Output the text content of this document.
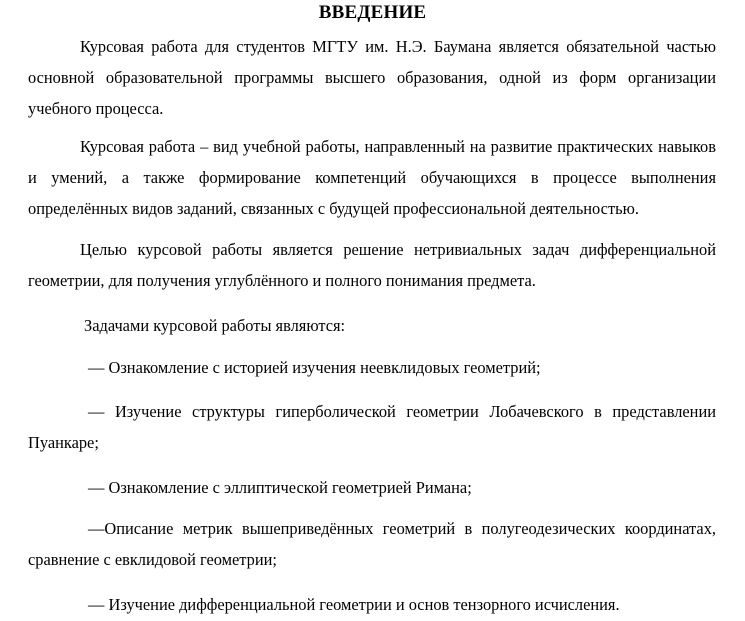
ВВЕДЕНИЕ

Курсовая работа для студентов МГТУ им. Н.Э. Баумана является обязательной частью основной образовательной программы высшего образования, одной из форм организации учебного процесса.

Курсовая работа – вид учебной работы, направленный на развитие практических навыков и умений, а также формирование компетенций обучающихся в процессе выполнения определённых видов заданий, связанных с будущей профессиональной деятельностью.

Целью курсовой работы является решение нетривиальных задач дифференциальной геометрии, для получения углублённого и полного понимания предмета.

Задачами курсовой работы являются:

— Ознакомление с историей изучения неевклидовых геометрий;

— Изучение структуры гиперболической геометрии Лобачевского в представлении Пуанкаре;

— Ознакомление с эллиптической геометрией Римана;

—Описание метрик вышеприведённых геометрий в полугеодезических координатах, сравнение с евклидовой геометрии;

— Изучение дифференциальной геометрии и основ тензорного исчисления.
